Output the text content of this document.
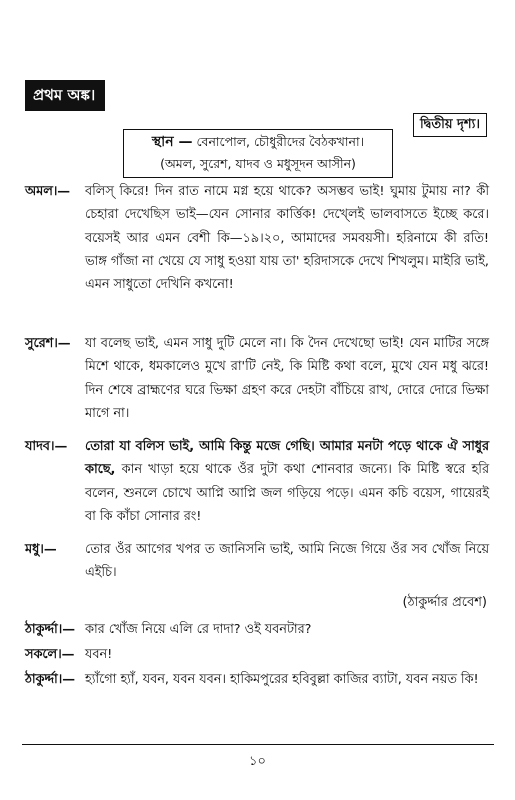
প্রথম অঙ্ক।
দ্বিতীয় দৃশ্য।
স্থান — বেনাপোল, চৌধুরীদের বৈঠকখানা।
(অমল, সুরেশ, যাদব ও মধুসূদন আসীন)
অমল।—	বলিস্ কিরে! দিন রাত নামে মগ্ন হয়ে থাকে? অসম্ভব ভাই! ঘুমায় টুমায় না? কী চেহারা দেখেছিস ভাই—যেন সোনার কার্ত্তিক! দেখ্লেই ভালবাসতে ইচ্ছে করে। বয়েসই আর এমন বেশী কি—১৯।২০, আমাদের সমবয়সী। হরিনামে কী রতি! ভাঙ্গ গাঁজা না খেয়ে যে সাধু হওয়া যায় তা' হরিদাসকে দেখে শিখলুম। মাইরি ভাই, এমন সাধুতো দেখিনি কখনো!
সুরেশ।—	যা বলেছ ভাই, এমন সাধু দুটি মেলে না। কি দৈন দেখেছো ভাই! যেন মাটির সঙ্গে মিশে থাকে, ধমকালেও মুখে রা'টি নেই, কি মিষ্টি কথা বলে, মুখে যেন মধু ঝরে! দিন শেষে ব্রাহ্মণের ঘরে ভিক্ষা গ্রহণ করে দেহটা বাঁচিয়ে রাখ, দোরে দোরে ভিক্ষা মাগে না।
যাদব।—	তোরা যা বলিস ভাই, আমি কিন্তু মজে গেছি। আমার মনটা পড়ে থাকে ঐ সাধুর কাছে, কান খাড়া হয়ে থাকে ওঁর দুটা কথা শোনবার জন্যে। কি মিষ্টি স্বরে হরি বলেন, শুনলে চোখে আপ্নি আপ্নি জল গড়িয়ে পড়ে। এমন কচি বয়েস, গায়েরই বা কি কাঁচা সোনার রং!
মধু।—	তোর ওঁর আগের খপর ত জানিসনি ভাই, আমি নিজে গিয়ে ওঁর সব খোঁজ নিয়ে এইচি।
(ঠাকুর্দ্দার প্রবেশ)
ঠাকুর্দ্দা।— কার খোঁজ নিয়ে এলি রে দাদা? ওই যবনটার?
সকলে।— যবন!
ঠাকুর্দ্দা।— হ্যাঁগো হ্যাঁ, যবন, যবন যবন। হাকিমপুরের হবিবুল্লা কাজির ব্যাটা, যবন নয়ত কি!
১০
